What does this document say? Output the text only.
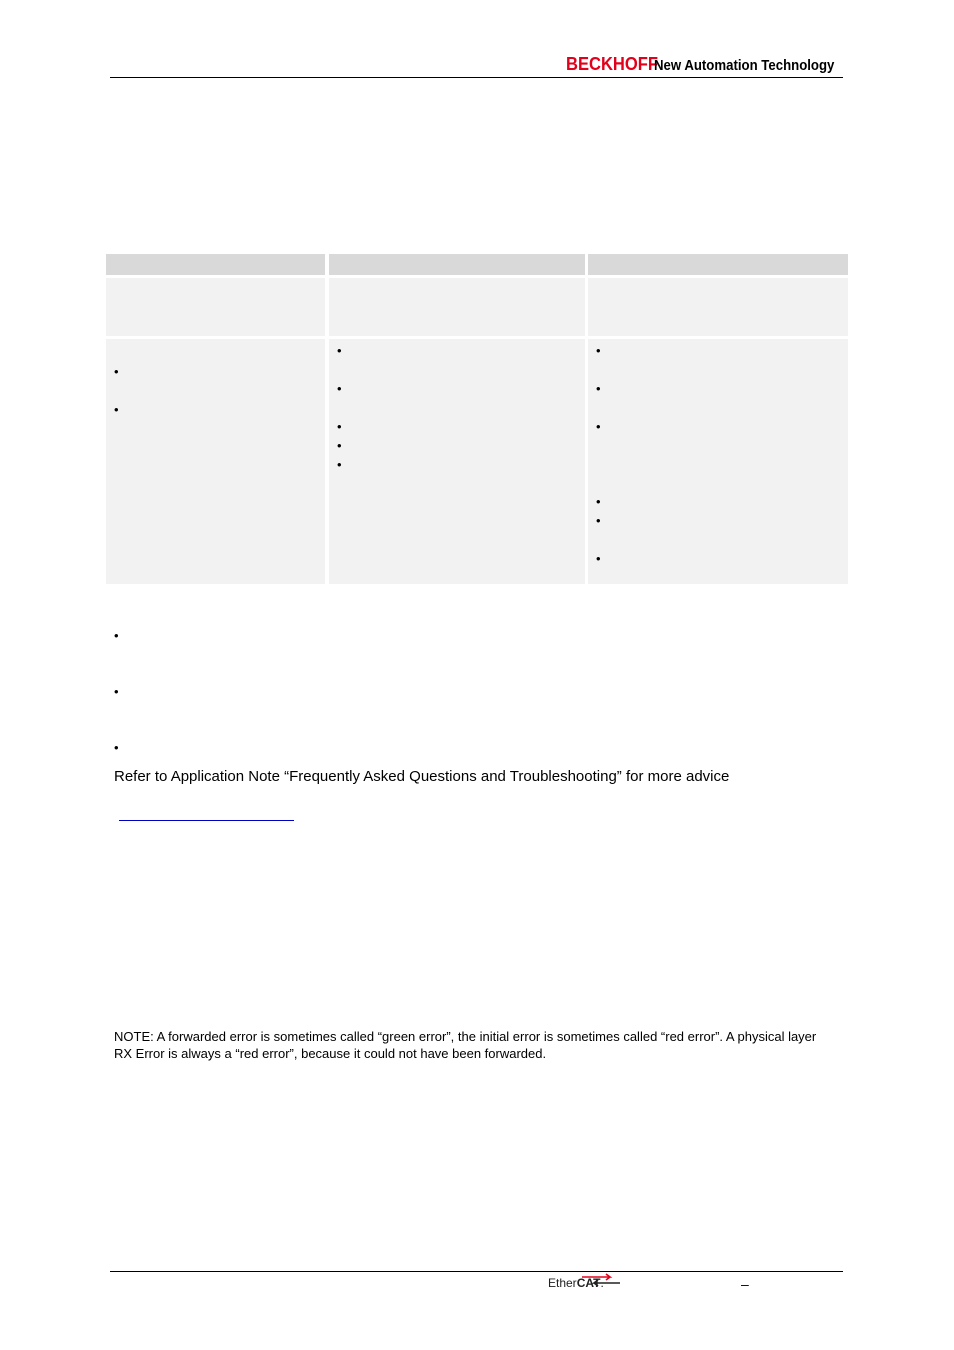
BECKHOFF
New Automation Technology
•
•
•
•
•
•
•
•
•
•
•
•
•
•
•
•
Refer to Application Note “Frequently Asked Questions and Troubleshooting” for more advice
NOTE: A forwarded error is sometimes called “green error”, the initial error is sometimes called “red error”. A physical layer RX Error is always a “red error”, because it could not have been forwarded.
EtherCAT.	–
